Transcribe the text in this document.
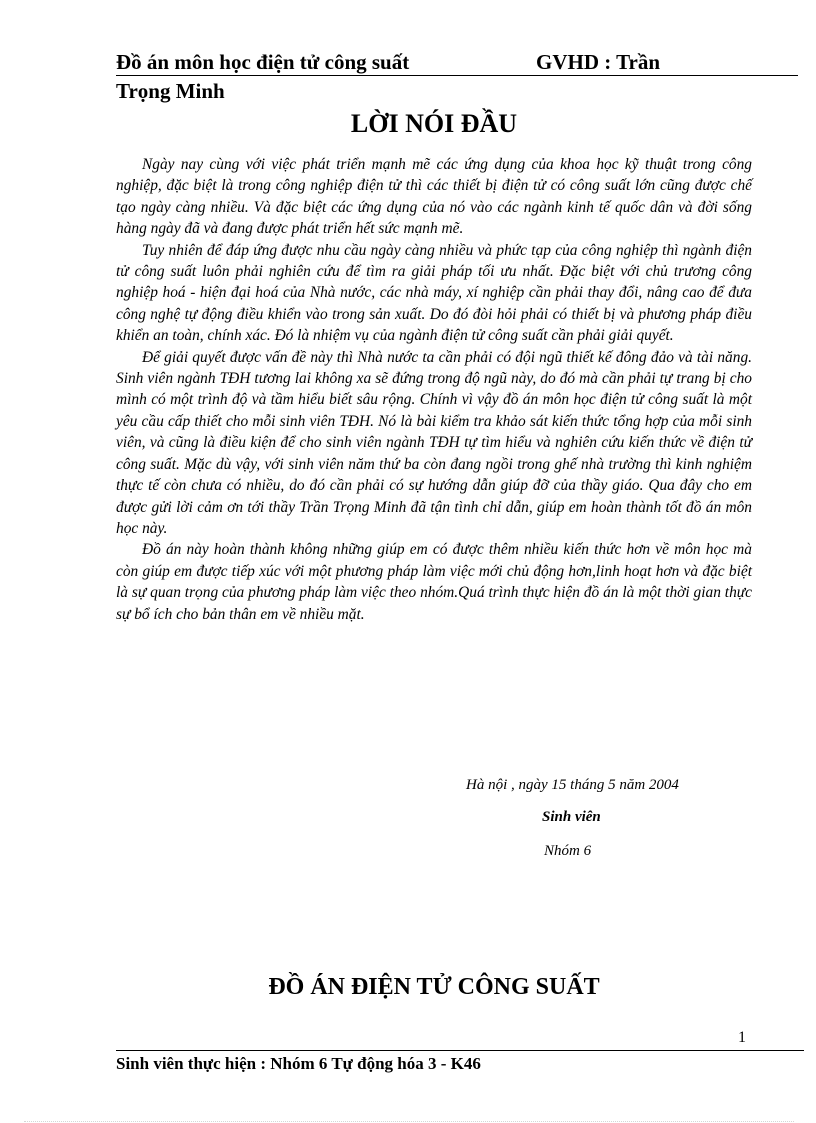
Đồ án môn học điện tử công suất	GVHD : Trần
Trọng Minh
LỜI NÓI ĐẦU

Ngày nay cùng với việc phát triển mạnh mẽ các ứng dụng của khoa học kỹ thuật trong công nghiệp, đặc biệt là trong công nghiệp điện tử thì các thiết bị điện tử có công suất lớn cũng được chế tạo ngày càng nhiều. Và đặc biệt các ứng dụng của nó vào các ngành kinh tế quốc dân và đời sống hàng ngày đã và đang được phát triển hết sức mạnh mẽ.

Tuy nhiên để đáp ứng được nhu cầu ngày càng nhiều và phức tạp của công nghiệp thì ngành điện tử công suất luôn phải nghiên cứu để tìm ra giải pháp tối ưu nhất. Đặc biệt với chủ trương công nghiệp hoá - hiện đại hoá của Nhà nước, các nhà máy, xí nghiệp cần phải thay đổi, nâng cao để đưa công nghệ tự động điều khiển vào trong sản xuất. Do đó đòi hỏi phải có thiết bị và phương pháp điều khiển an toàn, chính xác. Đó là nhiệm vụ của ngành điện tử công suất cần phải giải quyết.

Để giải quyết được vấn đề này thì Nhà nước ta cần phải có đội ngũ thiết kế đông đảo và tài năng. Sinh viên ngành TĐH tương lai không xa sẽ đứng trong độ ngũ này, do đó mà cần phải tự trang bị cho mình có một trình độ và tầm hiểu biết sâu rộng. Chính vì vậy đồ án môn học điện tử công suất là một yêu cầu cấp thiết cho mỗi sinh viên TĐH. Nó là bài kiểm tra khảo sát kiến thức tổng hợp của mỗi sinh viên, và cũng là điều kiện để cho sinh viên ngành TĐH tự tìm hiểu và nghiên cứu kiến thức về điện tử công suất. Mặc dù vậy, với sinh viên năm thứ ba còn đang ngồi trong ghế nhà trường thì kinh nghiệm thực tế còn chưa có nhiều, do đó cần phải có sự hướng dẫn giúp đỡ của thầy giáo. Qua đây cho em được gửi lời cảm ơn tới thầy Trần Trọng Minh đã tận tình chỉ dẫn, giúp em hoàn thành tốt đồ án môn học này.

Đồ án này hoàn thành không những giúp em có được thêm nhiều kiến thức hơn về môn học mà còn giúp em được tiếp xúc với một phương pháp làm việc mới chủ động hơn,linh hoạt hơn và đặc biệt là sự quan trọng của phương pháp làm việc theo nhóm.Quá trình thực hiện đồ án là một thời gian thực sự bổ ích cho bản thân em về nhiều mặt.

Hà nội , ngày 15 tháng 5 năm 2004
Sinh viên
Nhóm 6
ĐỒ ÁN ĐIỆN TỬ CÔNG SUẤT
1
Sinh viên thực hiện : Nhóm 6 Tự động hóa 3 - K46
